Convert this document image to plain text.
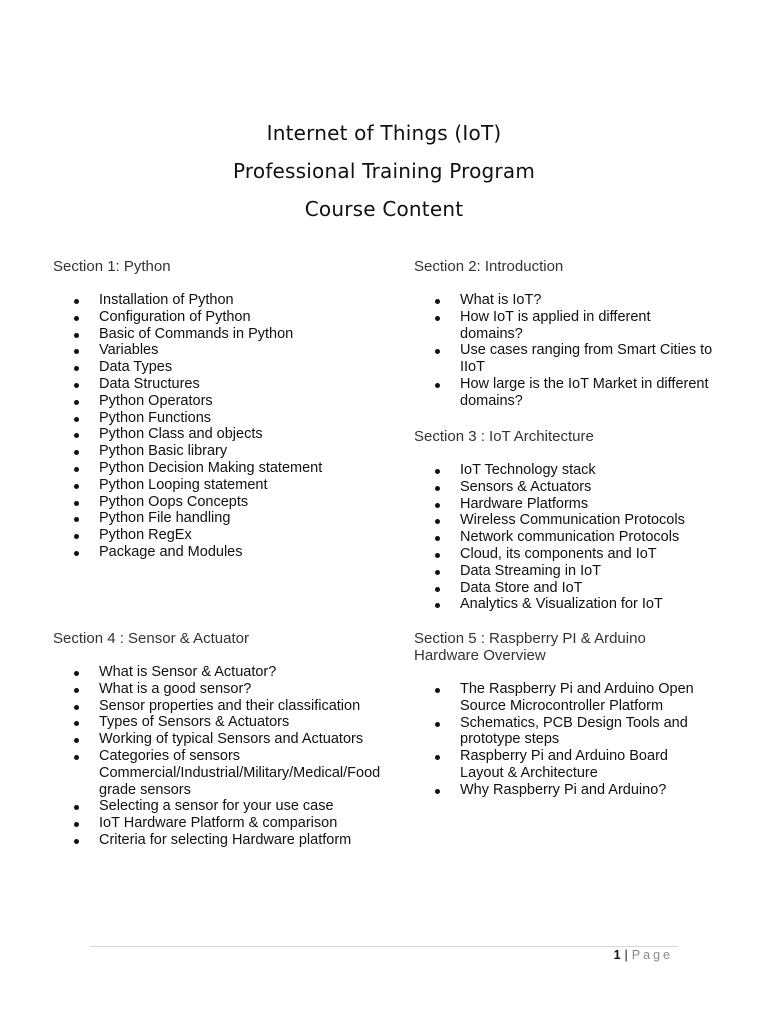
Internet of Things (IoT)
Professional Training Program
Course Content

Section 1: Python

Installation of Python
Configuration of Python
Basic of Commands in Python
Variables
Data Types
Data Structures
Python Operators
Python Functions
Python Class and objects
Python Basic library
Python Decision Making statement
Python Looping statement
Python Oops Concepts
Python File handling
Python RegEx
Package and Modules

Section 2: Introduction

What is IoT?
How IoT is applied in different domains?
Use cases ranging from Smart Cities to IIoT
How large is the IoT Market in different domains?

Section 3 : IoT Architecture

IoT Technology stack
Sensors & Actuators
Hardware Platforms
Wireless Communication Protocols
Network communication Protocols
Cloud, its components and IoT
Data Streaming in IoT
Data Store and IoT
Analytics & Visualization for IoT

Section 4 : Sensor & Actuator

What is Sensor & Actuator?
What is a good sensor?
Sensor properties and their classification
Types of Sensors & Actuators
Working of typical Sensors and Actuators
Categories of sensors Commercial/Industrial/Military/Medical/Food grade sensors
Selecting a sensor for your use case
IoT Hardware Platform & comparison
Criteria for selecting Hardware platform

Section 5 : Raspberry PI & Arduino Hardware Overview

The Raspberry Pi and Arduino Open Source Microcontroller Platform
Schematics, PCB Design Tools and prototype steps
Raspberry Pi and Arduino Board Layout & Architecture
Why Raspberry Pi and Arduino?
1 | Page
